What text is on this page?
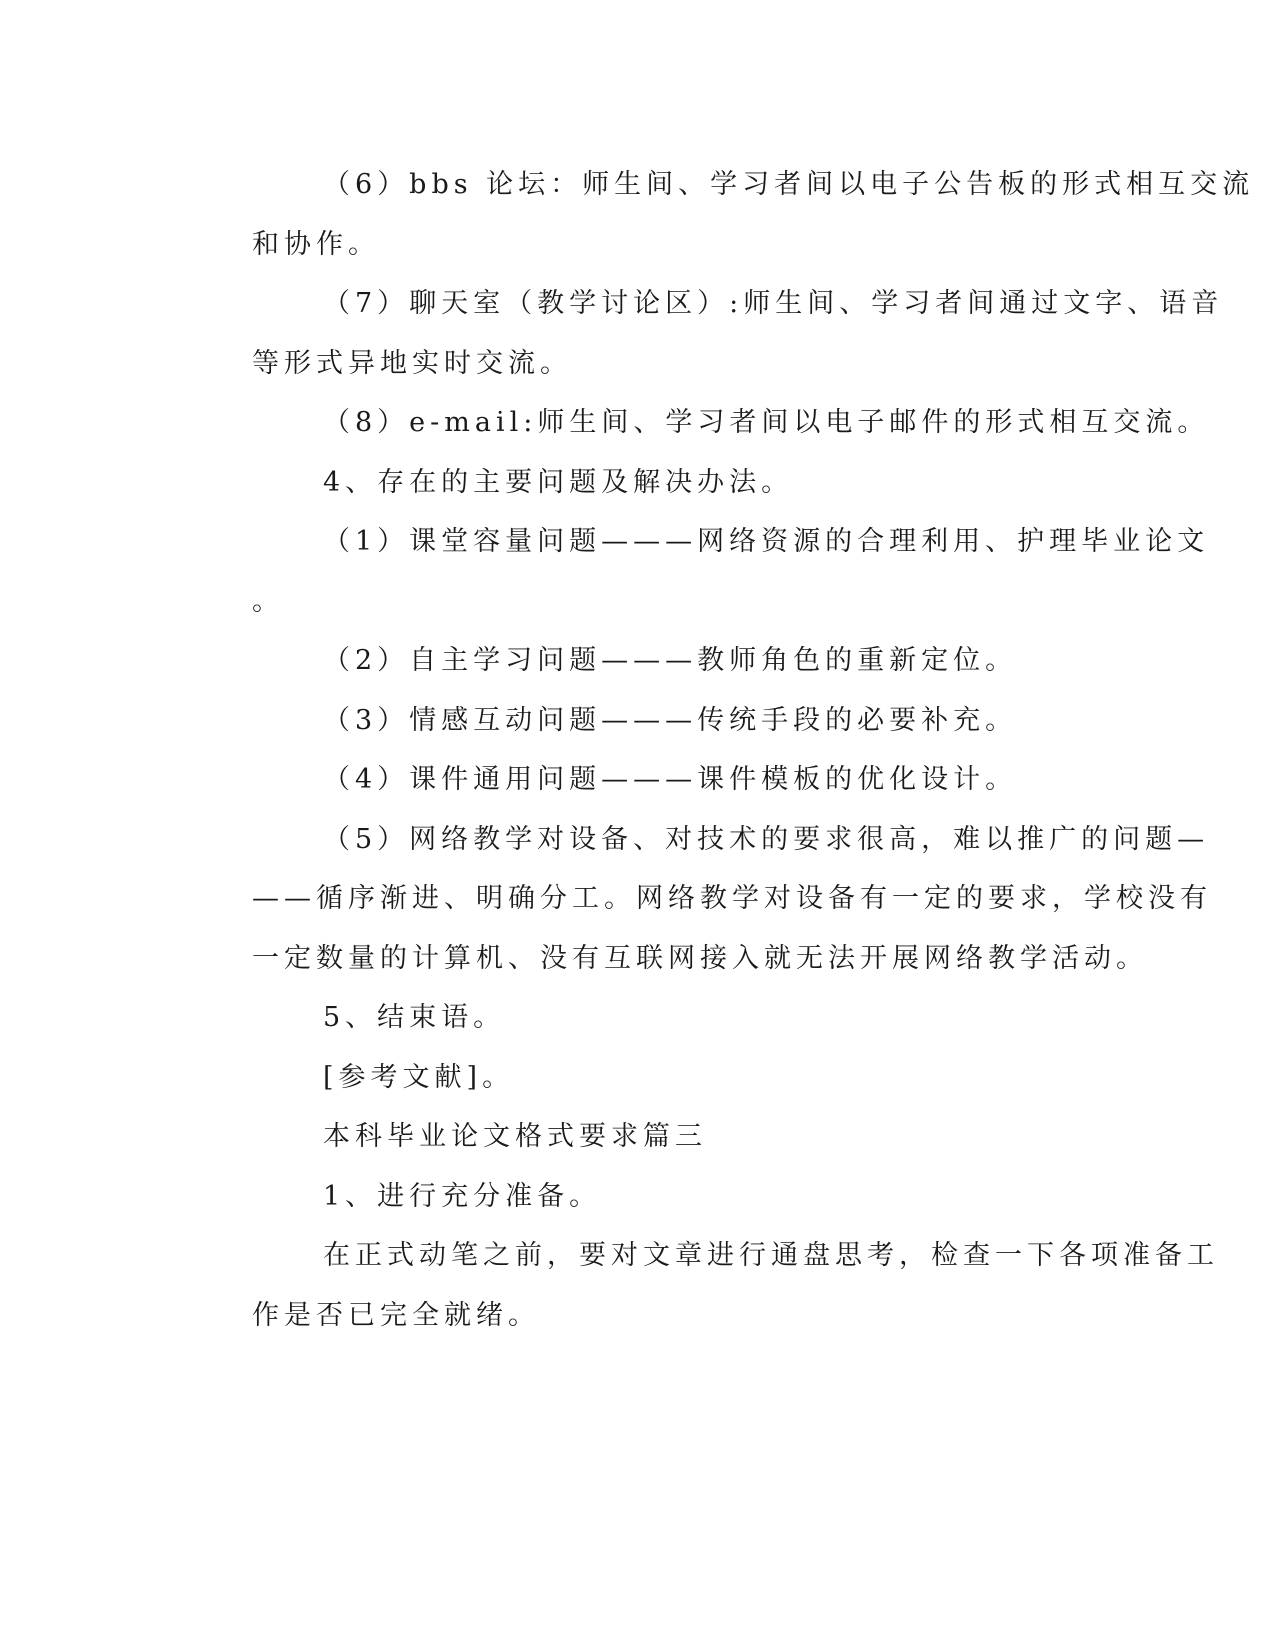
（6）bbs 论坛：师生间、学习者间以电子公告板的形式相互交流
和协作。
（7）聊天室（教学讨论区）:师生间、学习者间通过文字、语音
等形式异地实时交流。
（8）e-mail:师生间、学习者间以电子邮件的形式相互交流。
4、存在的主要问题及解决办法。
（1）课堂容量问题———网络资源的合理利用、护理毕业论文
。
（2）自主学习问题———教师角色的重新定位。
（3）情感互动问题———传统手段的必要补充。
（4）课件通用问题———课件模板的优化设计。
（5）网络教学对设备、对技术的要求很高，难以推广的问题—
——循序渐进、明确分工。网络教学对设备有一定的要求，学校没有
一定数量的计算机、没有互联网接入就无法开展网络教学活动。
5、结束语。
[参考文献]。
本科毕业论文格式要求篇三
1、进行充分准备。
在正式动笔之前，要对文章进行通盘思考，检查一下各项准备工
作是否已完全就绪。
